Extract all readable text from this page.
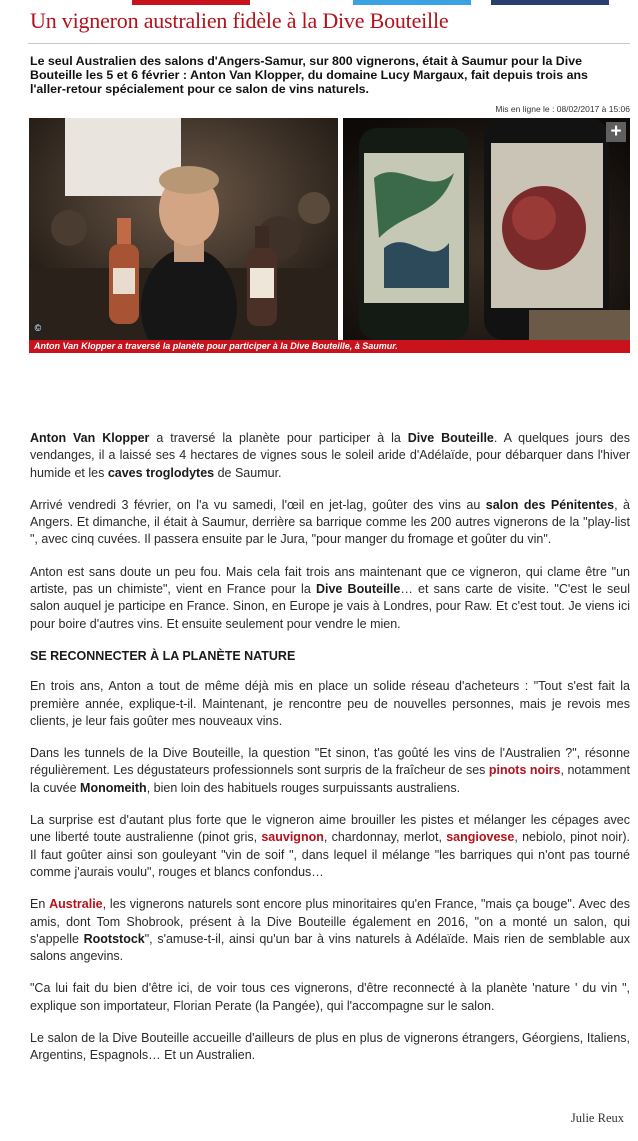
Un vigneron australien fidèle à la Dive Bouteille

Le seul Australien des salons d'Angers-Samur, sur 800 vignerons, était à Saumur pour la Dive Bouteille les 5 et 6 février : Anton Van Klopper, du domaine Lucy Margaux, fait depuis trois ans l'aller-retour spécialement pour ce salon de vins naturels.

Mis en ligne le : 08/02/2017 à 15:06
+
©
Anton Van Klopper a traversé la planète pour participer à la Dive Bouteille, à Saumur.

Anton Van Klopper a traversé la planète pour participer à la Dive Bouteille. A quelques jours des vendanges, il a laissé ses 4 hectares de vignes sous le soleil aride d'Adélaïde, pour débarquer dans l'hiver humide et les caves troglodytes de Saumur.

Arrivé vendredi 3 février, on l'a vu samedi, l'œil en jet-lag, goûter des vins au salon des Pénitentes, à Angers. Et dimanche, il était à Saumur, derrière sa barrique comme les 200 autres vignerons de la "play-list ", avec cinq cuvées. Il passera ensuite par le Jura, "pour manger du fromage et goûter du vin".

Anton est sans doute un peu fou. Mais cela fait trois ans maintenant que ce vigneron, qui clame être "un artiste, pas un chimiste", vient en France pour la Dive Bouteille… et sans carte de visite. "C'est le seul salon auquel je participe en France. Sinon, en Europe je vais à Londres, pour Raw. Et c'est tout. Je viens ici pour boire d'autres vins. Et ensuite seulement pour vendre le mien.

SE RECONNECTER À LA PLANÈTE NATURE

En trois ans, Anton a tout de même déjà mis en place un solide réseau d'acheteurs : "Tout s'est fait la première année, explique-t-il. Maintenant, je rencontre peu de nouvelles personnes, mais je revois mes clients, je leur fais goûter mes nouveaux vins.

Dans les tunnels de la Dive Bouteille, la question "Et sinon, t'as goûté les vins de l'Australien ?", résonne régulièrement. Les dégustateurs professionnels sont surpris de la fraîcheur de ses pinots noirs, notamment la cuvée Monomeith, bien loin des habituels rouges surpuissants australiens.

La surprise est d'autant plus forte que le vigneron aime brouiller les pistes et mélanger les cépages avec une liberté toute australienne (pinot gris, sauvignon, chardonnay, merlot, sangiovese, nebiolo, pinot noir). Il faut goûter ainsi son gouleyant "vin de soif ", dans lequel il mélange "les barriques qui n'ont pas tourné comme j'aurais voulu", rouges et blancs confondus…

En Australie, les vignerons naturels sont encore plus minoritaires qu'en France, "mais ça bouge". Avec des amis, dont Tom Shobrook, présent à la Dive Bouteille également en 2016, "on a monté un salon, qui s'appelle Rootstock", s'amuse-t-il, ainsi qu'un bar à vins naturels à Adélaïde. Mais rien de semblable aux salons angevins.

"Ca lui fait du bien d'être ici, de voir tous ces vignerons, d'être reconnecté à la planète 'nature ' du vin ", explique son importateur, Florian Perate (la Pangée), qui l'accompagne sur le salon.

Le salon de la Dive Bouteille accueille d'ailleurs de plus en plus de vignerons étrangers, Géorgiens, Italiens, Argentins, Espagnols… Et un Australien.

Julie Reux
